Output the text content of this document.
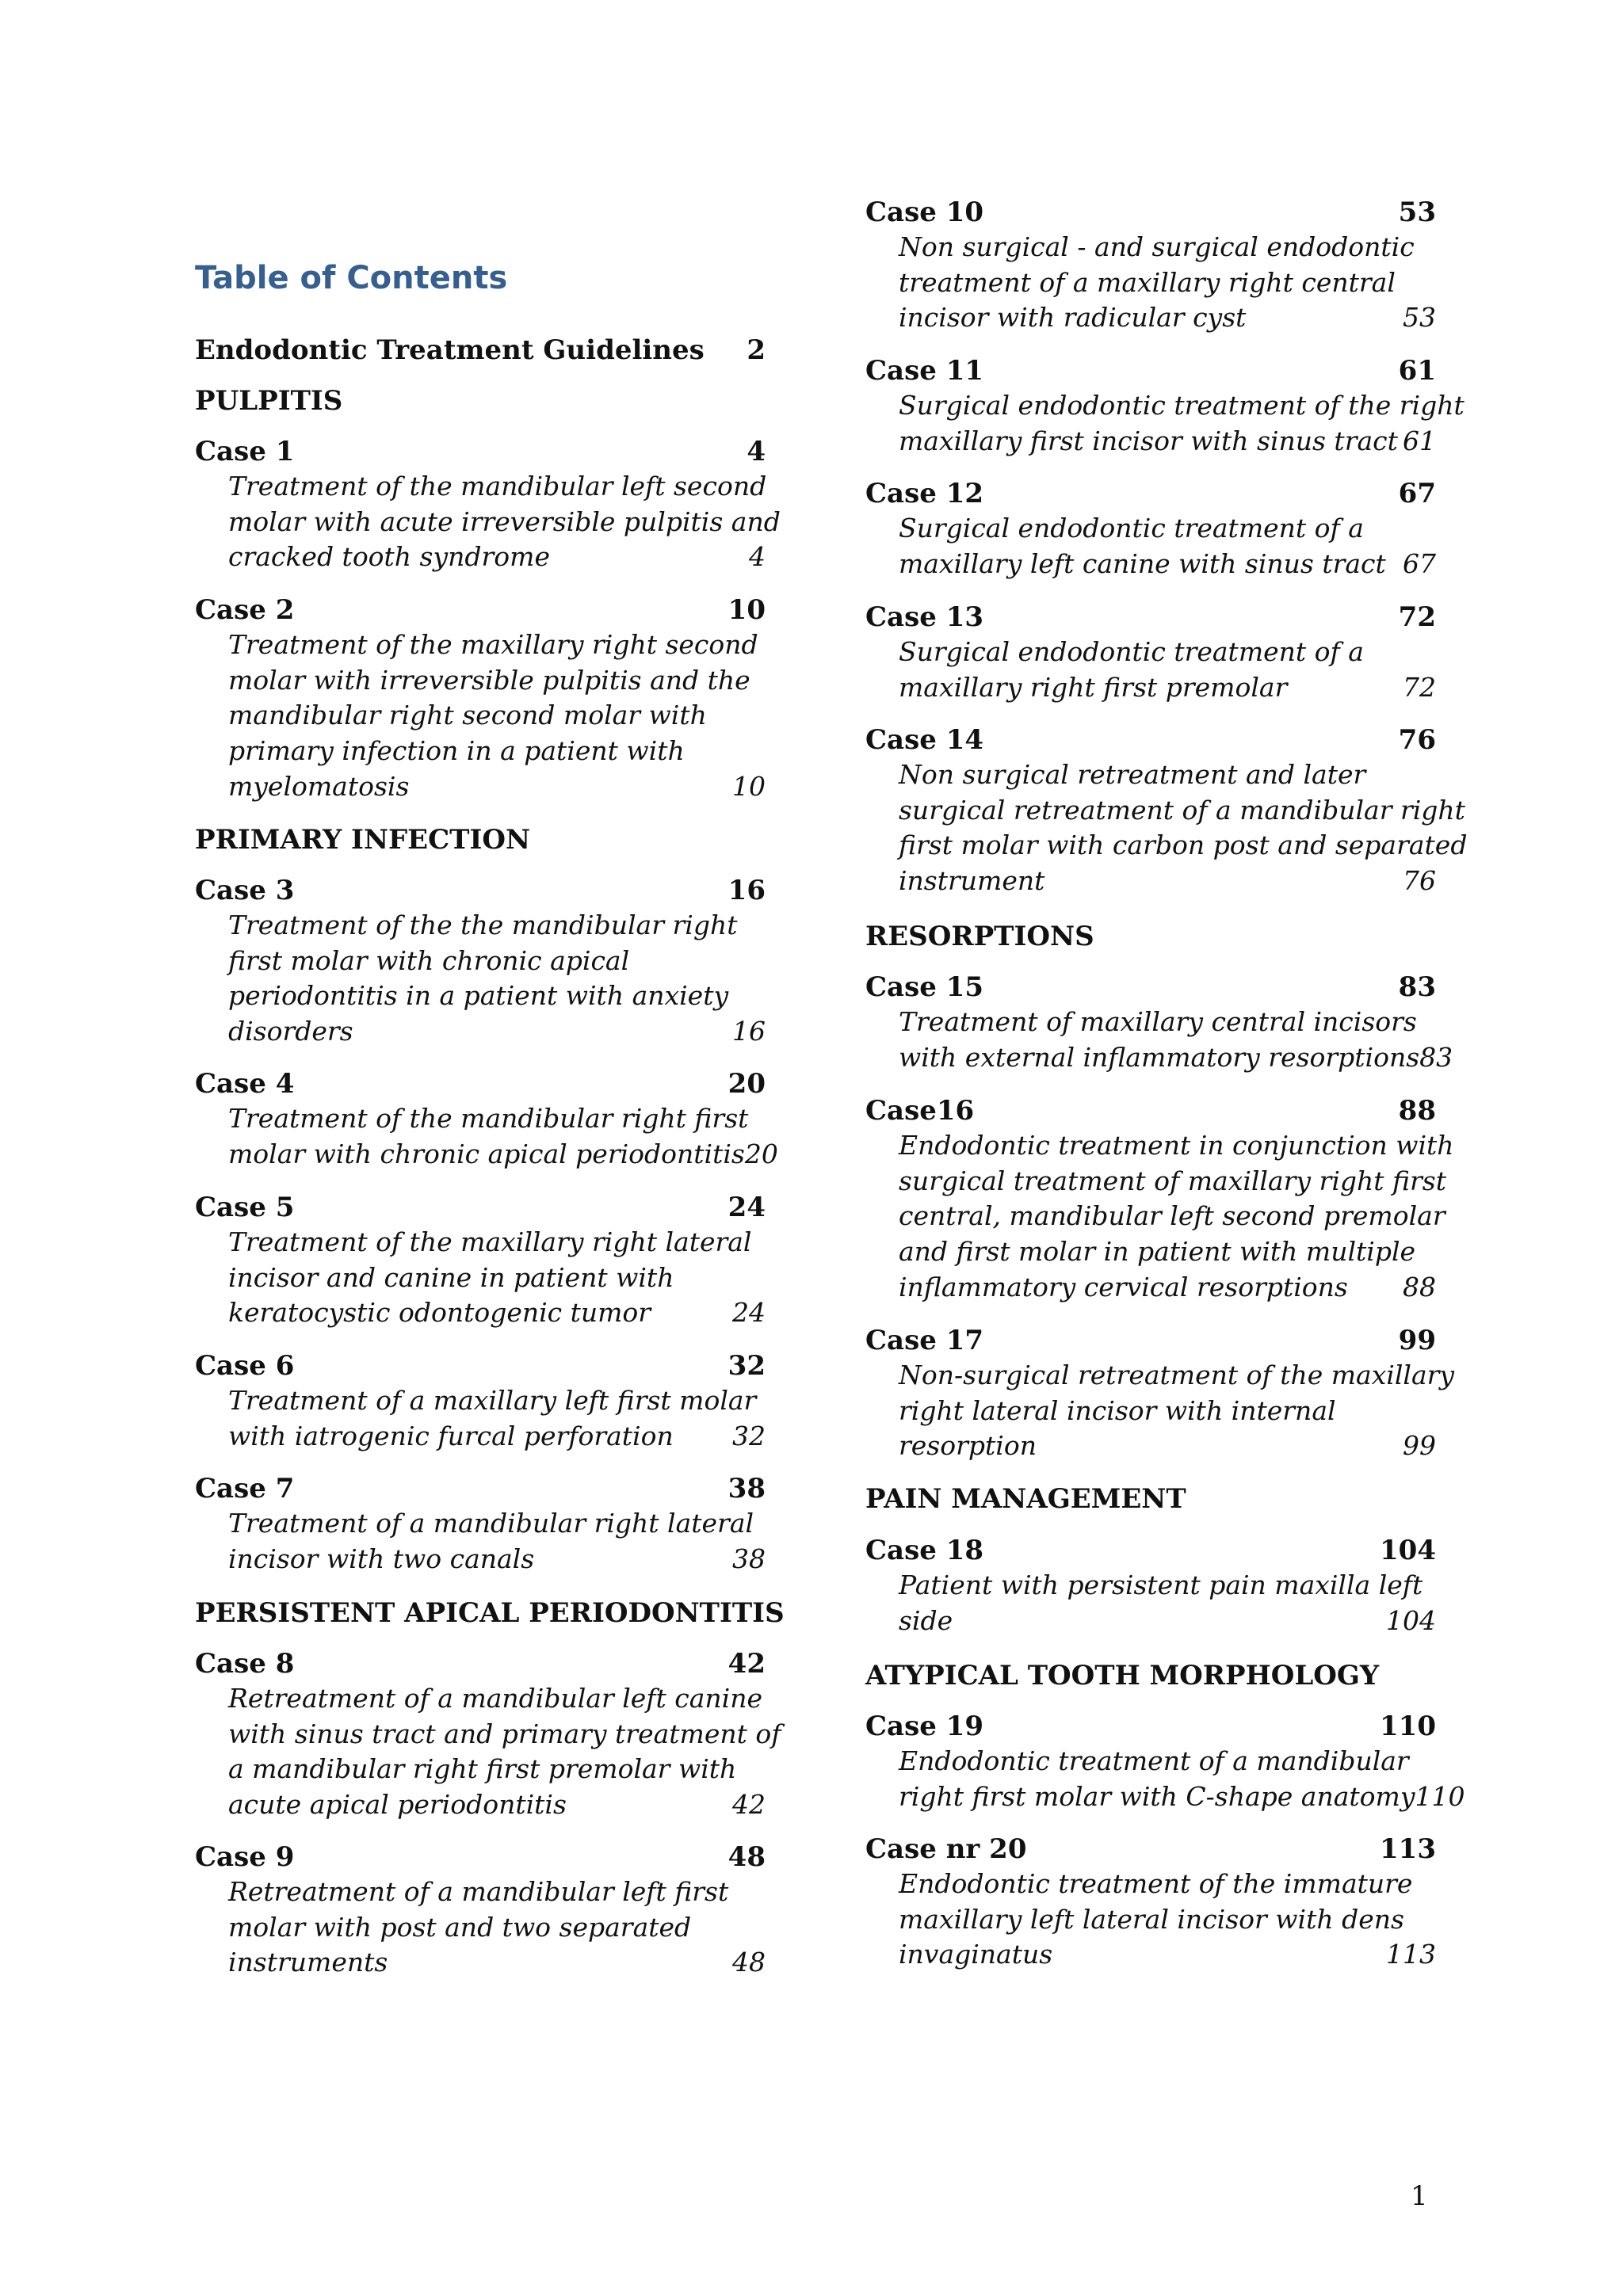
Table of Contents
Endodontic Treatment Guidelines 2
PULPITIS
Case 1	4
Treatment of the mandibular left second
molar with acute irreversible pulpitis and
cracked tooth syndrome	4
Case 2	10
Treatment of the maxillary right second
molar with irreversible pulpitis and the
mandibular right second molar with
primary infection in a patient with
myelomatosis	10
PRIMARY INFECTION
Case 3	16
Treatment of the the mandibular right
first molar with chronic apical
periodontitis in a patient with anxiety
disorders	16
Case 4	20
Treatment of the mandibular right first
molar with chronic apical periodontitis 20
Case 5	24
Treatment of the maxillary right lateral
incisor and canine in patient with
keratocystic odontogenic tumor	24
Case 6	32
Treatment of a maxillary left first molar
with iatrogenic furcal perforation 32
Case 7	38
Treatment of a mandibular right lateral
incisor with two canals	38
PERSISTENT APICAL PERIODONTITIS
Case 8	42
Retreatment of a mandibular left canine
with sinus tract and primary treatment of
a mandibular right first premolar with
acute apical periodontitis	42
Case 9	48
Retreatment of a mandibular left first
molar with post and two separated
instruments	48
Case 10	53
Non surgical - and surgical endodontic
treatment of a maxillary right central
incisor with radicular cyst	53
Case 11	61
Surgical endodontic treatment of the right
maxillary first incisor with sinus tract 61
Case 12	67
Surgical endodontic treatment of a
maxillary left canine with sinus tract 67
Case 13	72
Surgical endodontic treatment of a
maxillary right first premolar	72
Case 14	76
Non surgical retreatment and later
surgical retreatment of a mandibular right
first molar with carbon post and separated
instrument	76
RESORPTIONS
Case 15	83
Treatment of maxillary central incisors
with external inflammatory resorptions 83
Case16	88
Endodontic treatment in conjunction with
surgical treatment of maxillary right first
central, mandibular left second premolar
and first molar in patient with multiple
inflammatory cervical resorptions 88
Case 17	99
Non-surgical retreatment of the maxillary
right lateral incisor with internal
resorption	99
PAIN MANAGEMENT
Case 18	104
Patient with persistent pain maxilla left
side	104
ATYPICAL TOOTH MORPHOLOGY
Case 19	110
Endodontic treatment of a mandibular
right first molar with C-shape anatomy 110
Case nr 20	113
Endodontic treatment of the immature
maxillary left lateral incisor with dens
invaginatus	113
1
